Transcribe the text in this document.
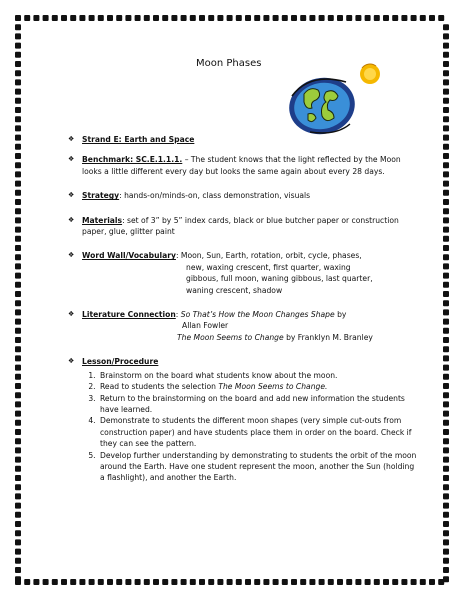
Moon Phases
❖ Strand E: Earth and Space
❖ Benchmark: SC.E.1.1.1. – The student knows that the light reflected by the Moon looks a little different every day but looks the same again about every 28 days.
❖ Strategy: hands-on/minds-on, class demonstration, visuals
❖ Materials: set of 3” by 5” index cards, black or blue butcher paper or construction paper, glue, glitter paint
❖ Word Wall/Vocabulary: Moon, Sun, Earth, rotation, orbit, cycle, phases,
new, waxing crescent, first quarter, waxing
gibbous, full moon, waning gibbous, last quarter,
waning crescent, shadow
❖ Literature Connection: So That’s How the Moon Changes Shape by
Allan Fowler
The Moon Seems to Change by Franklyn M. Branley
❖ Lesson/Procedure
1. Brainstorm on the board what students know about the moon.
2. Read to students the selection The Moon Seems to Change.
3. Return to the brainstorming on the board and add new information the students have learned.
4. Demonstrate to students the different moon shapes (very simple cut-outs from construction paper) and have students place them in order on the board. Check if they can see the pattern.
5. Develop further understanding by demonstrating to students the orbit of the moon around the Earth. Have one student represent the moon, another the Sun (holding a flashlight), and another the Earth.
